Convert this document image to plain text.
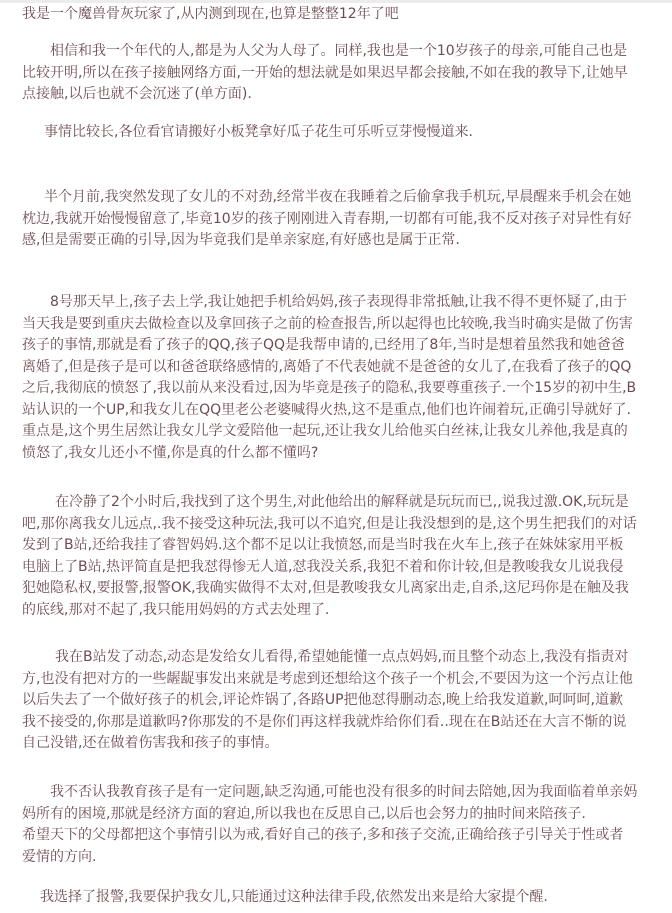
我是一个魔兽骨灰玩家了,从内测到现在,也算是整整12年了吧
相信和我一个年代的人,都是为人父为人母了。同样,我也是一个10岁孩子的母亲,可能自己也是
比较开明,所以在孩子接触网络方面,一开始的想法就是如果迟早都会接触,不如在我的教导下,让她早
点接触,以后也就不会沉迷了(单方面).
事情比较长,各位看官请搬好小板凳拿好瓜子花生可乐听豆芽慢慢道来.
半个月前,我突然发现了女儿的不对劲,经常半夜在我睡着之后偷拿我手机玩,早晨醒来手机会在她
枕边,我就开始慢慢留意了,毕竟10岁的孩子刚刚进入青春期,一切都有可能,我不反对孩子对异性有好
感,但是需要正确的引导,因为毕竟我们是单亲家庭,有好感也是属于正常.
8号那天早上,孩子去上学,我让她把手机给妈妈,孩子表现得非常抵触,让我不得不更怀疑了,由于
当天我是要到重庆去做检查以及拿回孩子之前的检查报告,所以起得也比较晚,我当时确实是做了伤害
孩子的事情,那就是看了孩子的QQ,孩子QQ是我帮申请的,已经用了8年,当时是想着虽然我和她爸爸
离婚了,但是孩子是可以和爸爸联络感情的,离婚了不代表她就不是爸爸的女儿了,在我看了孩子的QQ
之后,我彻底的愤怒了,我以前从来没看过,因为毕竟是孩子的隐私,我要尊重孩子.一个15岁的初中生,B
站认识的一个UP,和我女儿在QQ里老公老婆喊得火热,这不是重点,他们也许闹着玩,正确引导就好了.
重点是,这个男生居然让我女儿学文爱陪他一起玩,还让我女儿给他买白丝袜,让我女儿养他,我是真的
愤怒了,我女儿还小不懂,你是真的什么都不懂吗?
在冷静了2个小时后,我找到了这个男生,对此他给出的解释就是玩玩而已,,说我过激.OK,玩玩是
吧,那你离我女儿远点,.我不接受这种玩法,我可以不追究,但是让我没想到的是,这个男生把我们的对话
发到了B站,还给我挂了睿智妈妈.这个都不足以让我愤怒,而是当时我在火车上,孩子在妹妹家用平板
电脑上了B站,热评简直是把我怼得惨无人道,怼我没关系,我犯不着和你计较,但是教唆我女儿说我侵
犯她隐私权,要报警,报警OK,我确实做得不太对,但是教唆我女儿离家出走,自杀,这尼玛你是在触及我
的底线,那对不起了,我只能用妈妈的方式去处理了.
我在B站发了动态,动态是发给女儿看得,希望她能懂一点点妈妈,而且整个动态上,我没有指责对
方,也没有把对方的一些龌龊事发出来就是考虑到还想给这个孩子一个机会,不要因为这一个污点让他
以后失去了一个做好孩子的机会,评论炸锅了,各路UP把他怼得删动态,晚上给我发道歉,呵呵呵,道歉
我不接受的,你那是道歉吗?你那发的不是你们再这样我就炸给你们看..现在在B站还在大言不惭的说
自己没错,还在做着伤害我和孩子的事情。
我不否认我教育孩子是有一定问题,缺乏沟通,可能也没有很多的时间去陪她,因为我面临着单亲妈
妈所有的困境,那就是经济方面的窘迫,所以我也在反思自己,以后也会努力的抽时间来陪孩子.
希望天下的父母都把这个事情引以为戒,看好自己的孩子,多和孩子交流,正确给孩子引导关于性或者
爱情的方向.
我选择了报警,我要保护我女儿,只能通过这种法律手段,依然发出来是给大家提个醒.
